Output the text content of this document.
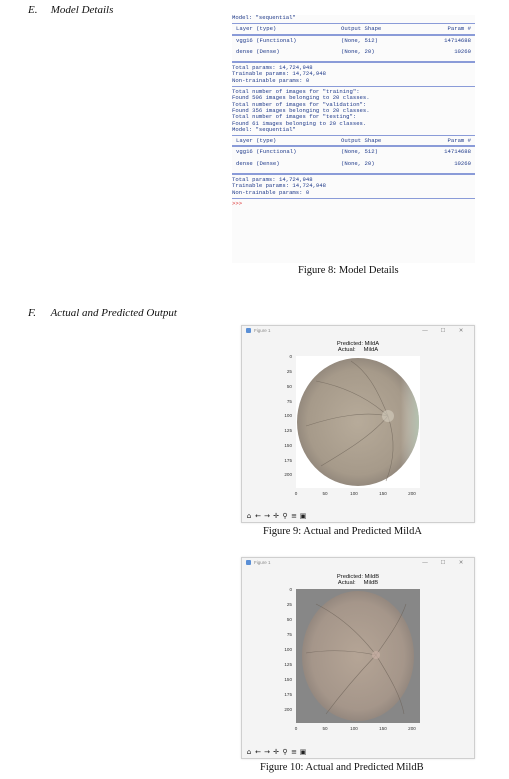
E. Model Details
F. Actual and Predicted Output
Model: "sequential"
Layer (type)	Output Shape	Param #
vgg16 (Functional)	(None, 512)	14714688
dense (Dense)	(None, 20)	10260
Total params: 14,724,948
Trainable params: 14,724,948
Non-trainable params: 0
Total number of images for "training":
Found 506 images belonging to 20 classes.
Total number of images for "validation":
Found 356 images belonging to 20 classes.
Total number of images for "testing":
Found 61 images belonging to 20 classes.
Model: "sequential"
Layer (type)	Output Shape	Param #
vgg16 (Functional)	(None, 512)	14714688
dense (Dense)	(None, 20)	10260
Total params: 14,724,948
Trainable params: 14,724,948
Non-trainable params: 0
>>>
Figure 8: Model Details
Figure 1	—	☐	✕
Predicted: MildA
Actual:     MildA
0
25
50
75
100
125
150
175
200
0	50	100	150	200
⌂ ← → ✛ ⚲ ≡ ▣
Figure 9: Actual and Predicted MildA
Figure 1	—	☐	✕
Predicted: MildB
Actual:     MildB
0
25
50
75
100
125
150
175
200
0	50	100	150	200
⌂ ← → ✛ ⚲ ≡ ▣
Figure 10: Actual and Predicted MildB
